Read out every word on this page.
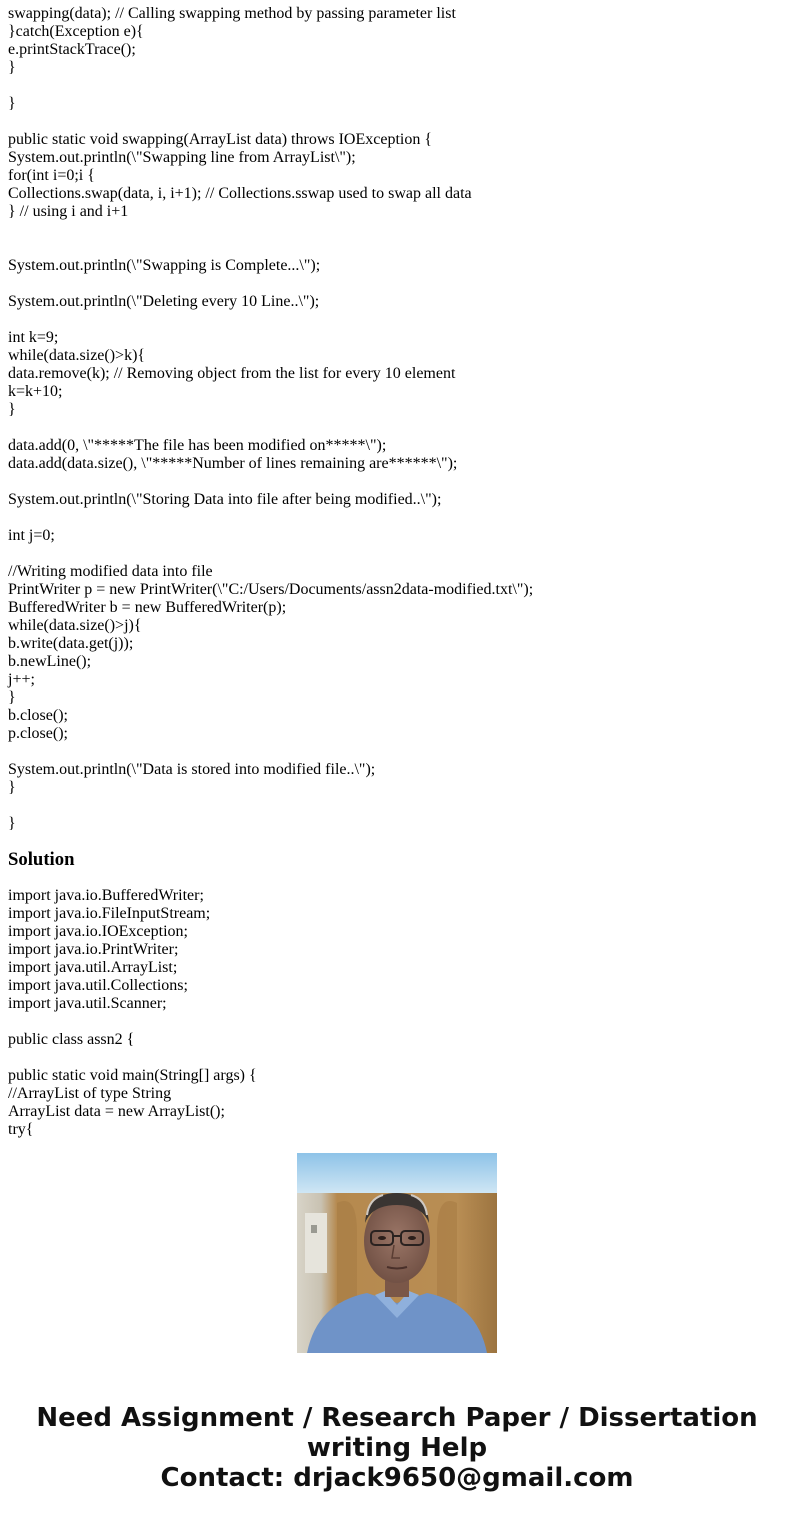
swapping(data); // Calling swapping method by passing parameter list
}catch(Exception e){
e.printStackTrace();
}

}

public static void swapping(ArrayList data) throws IOException {
System.out.println(\"Swapping line from ArrayList\");
for(int i=0;i {
Collections.swap(data, i, i+1); // Collections.sswap used to swap all data
} // using i and i+1

System.out.println(\"Swapping is Complete...\");

System.out.println(\"Deleting every 10 Line..\");

int k=9;
while(data.size()>k){
data.remove(k); // Removing object from the list for every 10 element
k=k+10;
}

data.add(0, \"*****The file has been modified on*****\");
data.add(data.size(), \"*****Number of lines remaining are******\");

System.out.println(\"Storing Data into file after being modified..\");

int j=0;

//Writing modified data into file
PrintWriter p = new PrintWriter(\"C:/Users/Documents/assn2data-modified.txt\");
BufferedWriter b = new BufferedWriter(p);
while(data.size()>j){
b.write(data.get(j));
b.newLine();
j++;
}
b.close();
p.close();

System.out.println(\"Data is stored into modified file..\");
}

}
Solution
import java.io.BufferedWriter;
import java.io.FileInputStream;
import java.io.IOException;
import java.io.PrintWriter;
import java.util.ArrayList;
import java.util.Collections;
import java.util.Scanner;

public class assn2 {

public static void main(String[] args) {
//ArrayList of type String
ArrayList data = new ArrayList();
try{
Need Assignment / Research Paper / Dissertation
writing Help
Contact: drjack9650@gmail.com
